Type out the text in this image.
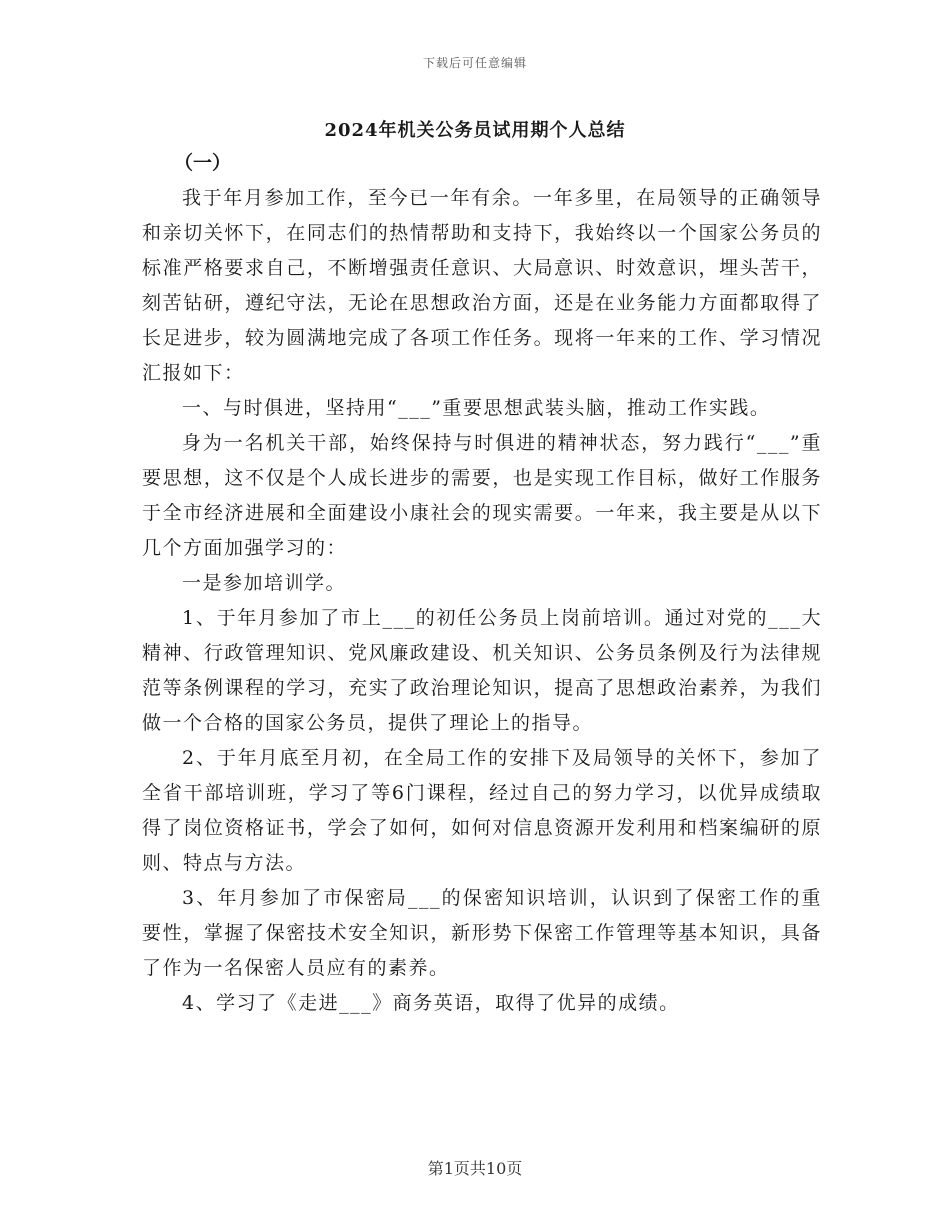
下载后可任意编辑
2024年机关公务员试用期个人总结
（一）

我于年月参加工作，至今已一年有余。一年多里，在局领导的正确领导和亲切关怀下，在同志们的热情帮助和支持下，我始终以一个国家公务员的标准严格要求自己，不断增强责任意识、大局意识、时效意识，埋头苦干，刻苦钻研，遵纪守法，无论在思想政治方面，还是在业务能力方面都取得了长足进步，较为圆满地完成了各项工作任务。现将一年来的工作、学习情况汇报如下：

一、与时俱进，坚持用“___”重要思想武装头脑，推动工作实践。

身为一名机关干部，始终保持与时俱进的精神状态，努力践行“___”重要思想，这不仅是个人成长进步的需要，也是实现工作目标，做好工作服务于全市经济进展和全面建设小康社会的现实需要。一年来，我主要是从以下几个方面加强学习的：

一是参加培训学。

1、于年月参加了市上___的初任公务员上岗前培训。通过对党的___大精神、行政管理知识、党风廉政建设、机关知识、公务员条例及行为法律规范等条例课程的学习，充实了政治理论知识，提高了思想政治素养，为我们做一个合格的国家公务员，提供了理论上的指导。

2、于年月底至月初，在全局工作的安排下及局领导的关怀下，参加了全省干部培训班，学习了等6门课程，经过自己的努力学习，以优异成绩取得了岗位资格证书，学会了如何，如何对信息资源开发利用和档案编研的原则、特点与方法。

3、年月参加了市保密局___的保密知识培训，认识到了保密工作的重要性，掌握了保密技术安全知识，新形势下保密工作管理等基本知识，具备了作为一名保密人员应有的素养。

4、学习了《走进___》商务英语，取得了优异的成绩。

第1页共10页
